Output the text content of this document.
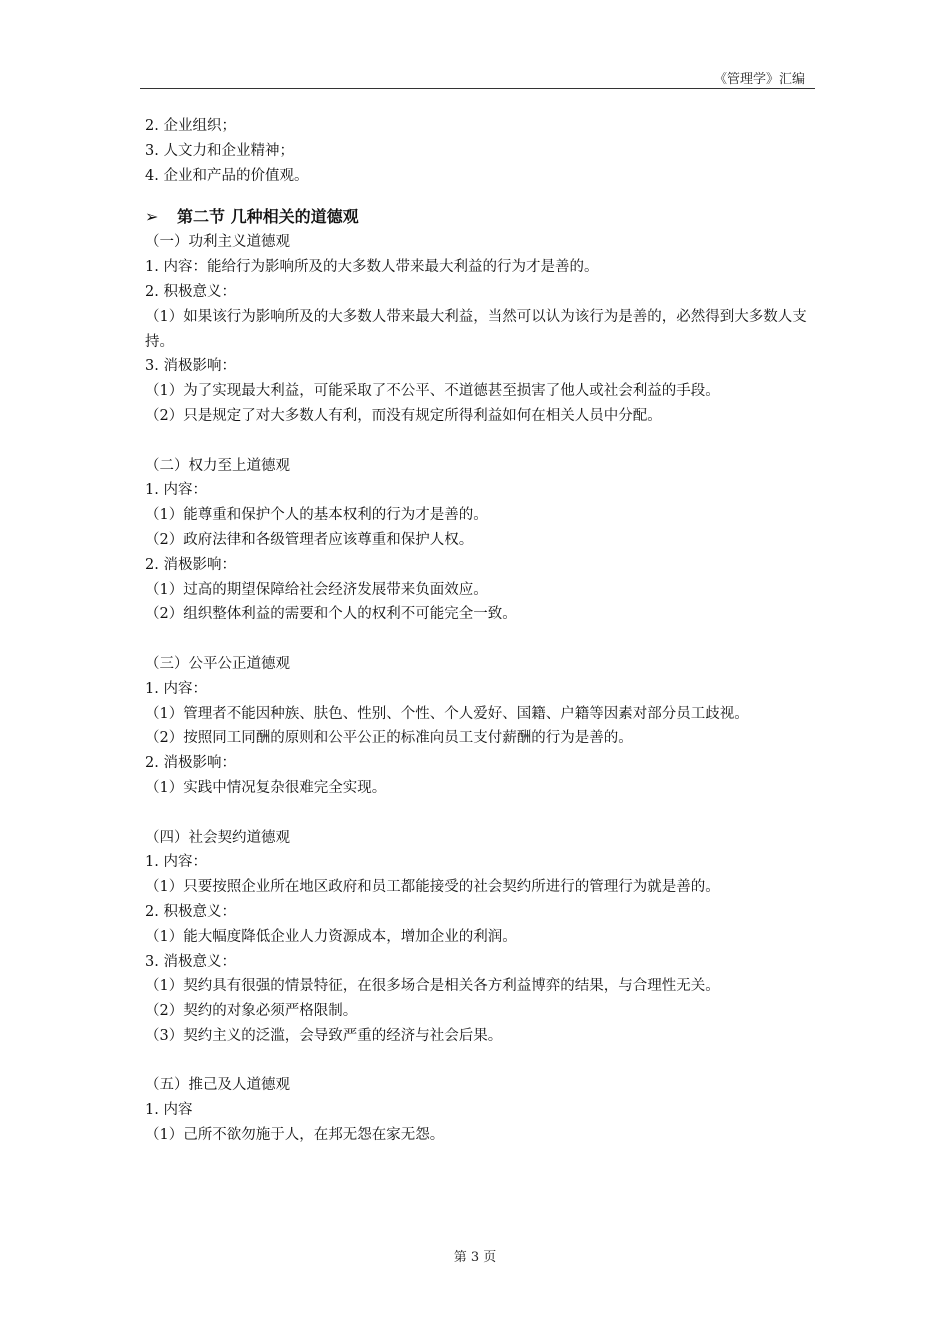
《管理学》汇编
2. 企业组织；
3. 人文力和企业精神；
4. 企业和产品的价值观。
➢ 第二节 几种相关的道德观
（一）功利主义道德观
1. 内容：能给行为影响所及的大多数人带来最大利益的行为才是善的。
2. 积极意义：
（1）如果该行为影响所及的大多数人带来最大利益，当然可以认为该行为是善的，必然得到大多数人支持。
3. 消极影响：
（1）为了实现最大利益，可能采取了不公平、不道德甚至损害了他人或社会利益的手段。
（2）只是规定了对大多数人有利，而没有规定所得利益如何在相关人员中分配。
（二）权力至上道德观
1. 内容：
（1）能尊重和保护个人的基本权利的行为才是善的。
（2）政府法律和各级管理者应该尊重和保护人权。
2. 消极影响：
（1）过高的期望保障给社会经济发展带来负面效应。
（2）组织整体利益的需要和个人的权利不可能完全一致。
（三）公平公正道德观
1. 内容：
（1）管理者不能因种族、肤色、性别、个性、个人爱好、国籍、户籍等因素对部分员工歧视。
（2）按照同工同酬的原则和公平公正的标准向员工支付薪酬的行为是善的。
2. 消极影响：
（1）实践中情况复杂很难完全实现。
（四）社会契约道德观
1. 内容：
（1）只要按照企业所在地区政府和员工都能接受的社会契约所进行的管理行为就是善的。
2. 积极意义：
（1）能大幅度降低企业人力资源成本，增加企业的利润。
3. 消极意义：
（1）契约具有很强的情景特征，在很多场合是相关各方利益博弈的结果，与合理性无关。
（2）契约的对象必须严格限制。
（3）契约主义的泛滥，会导致严重的经济与社会后果。
（五）推己及人道德观
1. 内容
（1）己所不欲勿施于人，在邦无怨在家无怨。
第 3 页
